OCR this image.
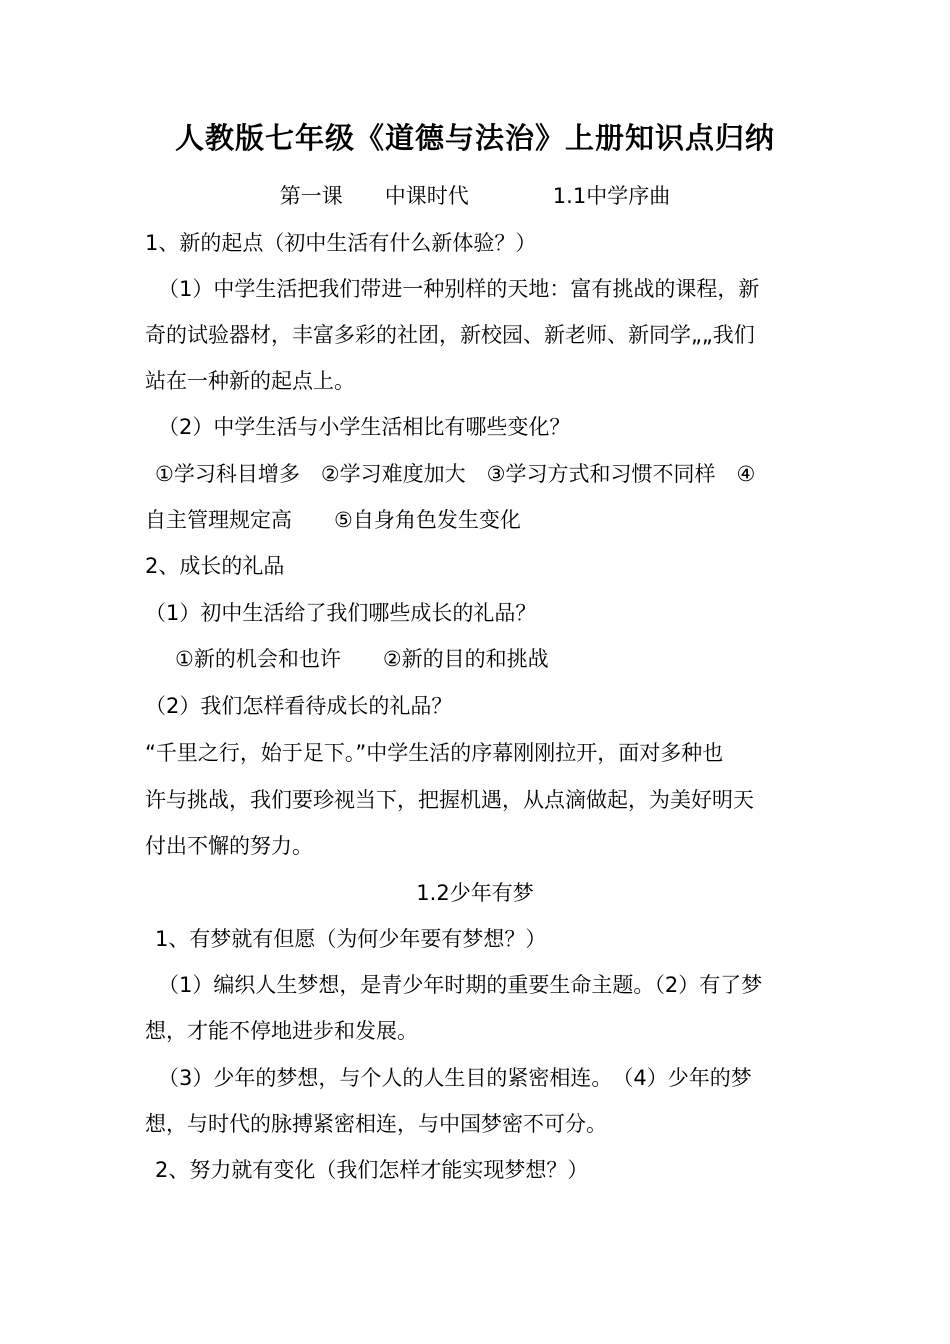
人教版七年级《道德与法治》上册知识点归纳
第一课　　中课时代　　　　1.1中学序曲
1、新的起点（初中生活有什么新体验？）
（1）中学生活把我们带进一种别样的天地：富有挑战的课程，新
奇的试验器材，丰富多彩的社团，新校园、新老师、新同学„„我们
站在一种新的起点上。
（2）中学生活与小学生活相比有哪些变化？
①学习科目增多　②学习难度加大　③学习方式和习惯不同样　④
自主管理规定高　　⑤自身角色发生变化
2、成长的礼品
（1）初中生活给了我们哪些成长的礼品？
①新的机会和也许　　②新的目的和挑战
（2）我们怎样看待成长的礼品？
“千里之行，始于足下。”中学生活的序幕刚刚拉开，面对多种也
许与挑战，我们要珍视当下，把握机遇，从点滴做起，为美好明天
付出不懈的努力。
1.2少年有梦
1、有梦就有但愿（为何少年要有梦想？）
（1）编织人生梦想，是青少年时期的重要生命主题。（2）有了梦
想，才能不停地进步和发展。
（3）少年的梦想，与个人的人生目的紧密相连。　（4）少年的梦
想，与时代的脉搏紧密相连，与中国梦密不可分。
2、努力就有变化（我们怎样才能实现梦想？）
